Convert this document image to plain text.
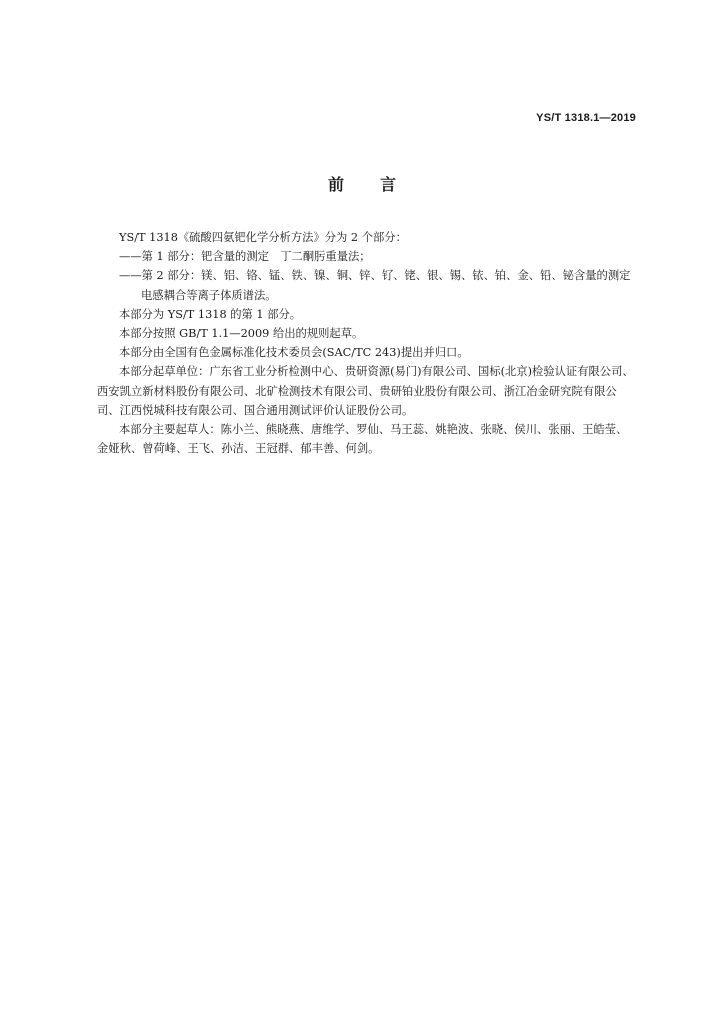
YS/T 1318.1—2019
前言

YS/T 1318《硫酸四氨钯化学分析方法》分为 2 个部分：

——第 1 部分：钯含量的测定　丁二酮肟重量法；

——第 2 部分：镁、铝、铬、锰、铁、镍、铜、锌、钌、铑、银、锡、铱、铂、金、铅、铋含量的测定　电感耦合等离子体质谱法。

本部分为 YS/T 1318 的第 1 部分。

本部分按照 GB/T 1.1—2009 给出的规则起草。

本部分由全国有色金属标准化技术委员会(SAC/TC 243)提出并归口。

本部分起草单位：广东省工业分析检测中心、贵研资源(易门)有限公司、国标(北京)检验认证有限公司、西安凯立新材料股份有限公司、北矿检测技术有限公司、贵研铂业股份有限公司、浙江冶金研究院有限公司、江西悦城科技有限公司、国合通用测试评价认证股份公司。

本部分主要起草人：陈小兰、熊晓燕、唐维学、罗仙、马王蕊、姚艳波、张晓、侯川、张丽、王皓莹、金娅秋、曾荷峰、王飞、孙洁、王冠群、郁丰善、何剑。
